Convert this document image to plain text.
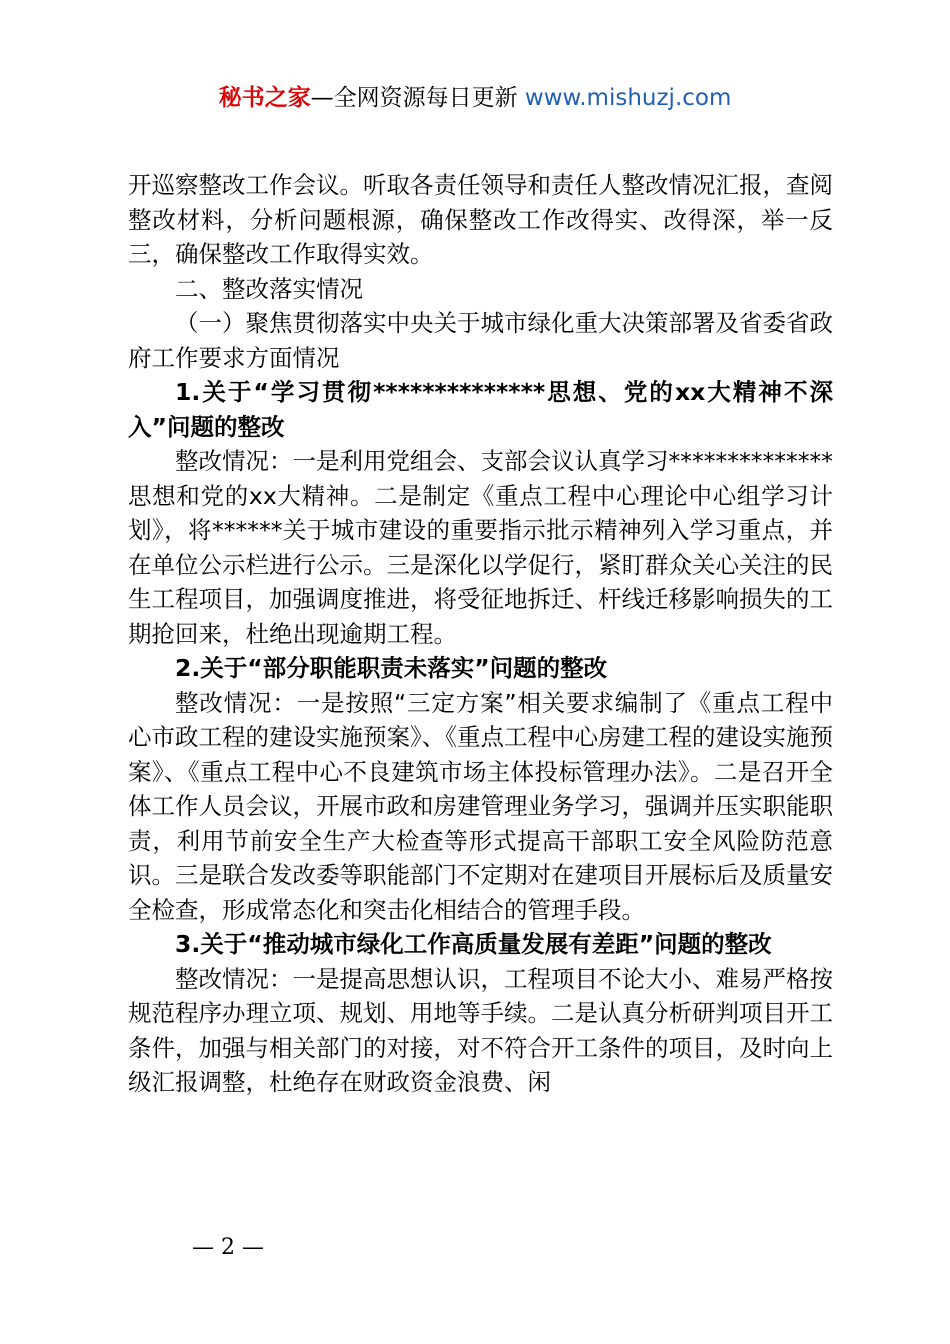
秘书之家—全网资源每日更新 www.mishuzj.com

开巡察整改工作会议。听取各责任领导和责任人整改情况汇报，查阅整改材料，分析问题根源，确保整改工作改得实、改得深，举一反三，确保整改工作取得实效。

二、整改落实情况

（一）聚焦贯彻落实中央关于城市绿化重大决策部署及省委省政府工作要求方面情况

1.关于“学习贯彻**************思想、党的xx大精神不深入”问题的整改

整改情况：一是利用党组会、支部会议认真学习**************思想和党的xx大精神。二是制定《重点工程中心理论中心组学习计划》，将******关于城市建设的重要指示批示精神列入学习重点，并在单位公示栏进行公示。三是深化以学促行，紧盯群众关心关注的民生工程项目，加强调度推进，将受征地拆迁、杆线迁移影响损失的工期抢回来，杜绝出现逾期工程。

2.关于“部分职能职责未落实”问题的整改

整改情况：一是按照“三定方案”相关要求编制了《重点工程中心市政工程的建设实施预案》、《重点工程中心房建工程的建设实施预案》、《重点工程中心不良建筑市场主体投标管理办法》。二是召开全体工作人员会议，开展市政和房建管理业务学习，强调并压实职能职责，利用节前安全生产大检查等形式提高干部职工安全风险防范意识。三是联合发改委等职能部门不定期对在建项目开展标后及质量安全检查，形成常态化和突击化相结合的管理手段。

3.关于“推动城市绿化工作高质量发展有差距”问题的整改

整改情况：一是提高思想认识，工程项目不论大小、难易严格按规范程序办理立项、规划、用地等手续。二是认真分析研判项目开工条件，加强与相关部门的对接，对不符合开工条件的项目，及时向上级汇报调整，杜绝存在财政资金浪费、闲

— 2 —
